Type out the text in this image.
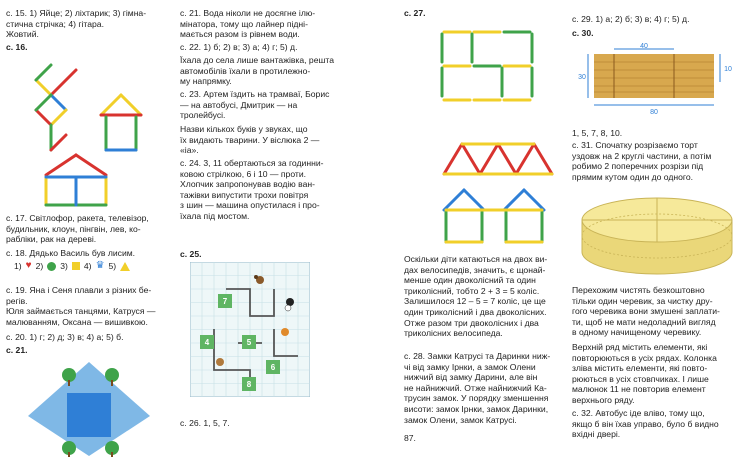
с. 15. 1) Яйце; 2) ліхтарик; 3) гімна-
стична стрічка; 4) гітара.
Жовтий.

с. 16.

с. 17. Світлофор, ракета, телевізор,
будильник, клоун, пінгвін, лев, ко-
рабліки, рак на дереві.

с. 18. Дядько Василь був лисим.

1) ♥ 2) 3) 4) ♛ 5)

с. 19. Яна і Сеня плавли з різних бе-
регів.
Юля займається танцями, Катруся —
малюванням, Оксана — вишивкою.

с. 20. 1) г; 2) д; 3) в; 4) а; 5) б.

с. 21.

с. 21. Вода ніколи не досягне ілю-
мінатора, тому що лайнер підні-
мається разом із рівнем води.

с. 22. 1) б; 2) в; 3) а; 4) г; 5) д.

Їхала до села лише вантажівка, решта
автомобілів їхали в протилежно-
му напрямку.

с. 23. Артем їздить на трамваї, Борис
— на автобусі, Дмитрик — на
тролейбусі.

Назви кількох буків у звуках, що
їх видають тварини. У віслюка 2 —
«іа».

с. 24. 3, 11 обертаються за годинни-
ковою стрілкою, 6 і 10 — проти.
Хлопчик запропонував водію ван-
тажівки випустити трохи повітря
з шин — машина опустилася і про-
їхала під мостом.

с. 25.

7
4	5
6
8

с. 26. 1, 5, 7.

с. 27.

Оскільки діти катаються на двох ви-
дах велосипедів, значить, є щонай-
менше один двоколісний та один
триколісний, тобто 2 + 3 = 5 коліс.
Залишилося 12 – 5 = 7 коліс, це ще
один триколісний і два двоколісних.
Отже разом три двоколісних і два
триколісних велосипеда.

с. 28. Замки Катрусі та Даринки ниж-
чі від замку Ірнки, а замок Олени
нижчий від замку Дарини, але він
не найнижчий. Отже найнижчий Ка-
трусин замок. У порядку зменшення
висоти: замок Ірнки, замок Даринки,
замок Олени, замок Катрусі.

87.

с. 29. 1) а; 2) б; 3) в; 4) г; 5) д.

с. 30.

40
30
10
80

1, 5, 7, 8, 10.

с. 31. Спочатку розрізаємо торт
уздовж на 2 круглі частини, а потім
робимо 2 поперечних розрізи під
прямим кутом один до одного.

Перехожим чистять безкоштовно
тільки один черевик, за чистку дру-
гого черевика вони змушені заплати-
ти, щоб не мати недоладний вигляд
в одному начищеному черевику.

Верхній ряд містить елементи, які
повторюються в усіх рядах. Колонка
зліва містить елементи, які повто-
рюються в усіх стовпчиках. І лише
малюнок 11 не повторив елемент
верхнього ряду.

с. 32. Автобус іде вліво, тому що,
якщо б він їхав управо, було б видно
вхідні двері.
